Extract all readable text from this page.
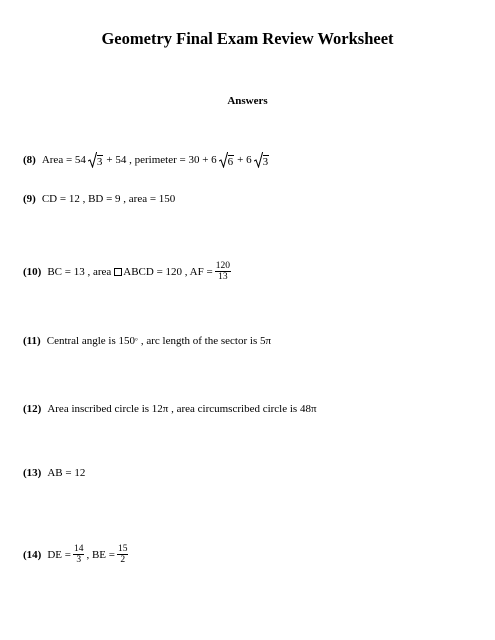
Geometry Final Exam Review Worksheet
Answers
(8) Area = 54 3 + 54 , perimeter = 30 + 6 6 + 6 3
(9) CD = 12 , BD = 9 , area = 150
(10) BC = 13 , area ABCD = 120 , AF = $\frac{120}{13}$
(11) Central angle is 150 ° , arc length of the sector is 5π
(12) Area inscribed circle is 12π , area circumscribed circle is 48π
(13) AB = 12
(14) DE = $\frac{14}{3}$ , BE = $\frac{15}{2}$
